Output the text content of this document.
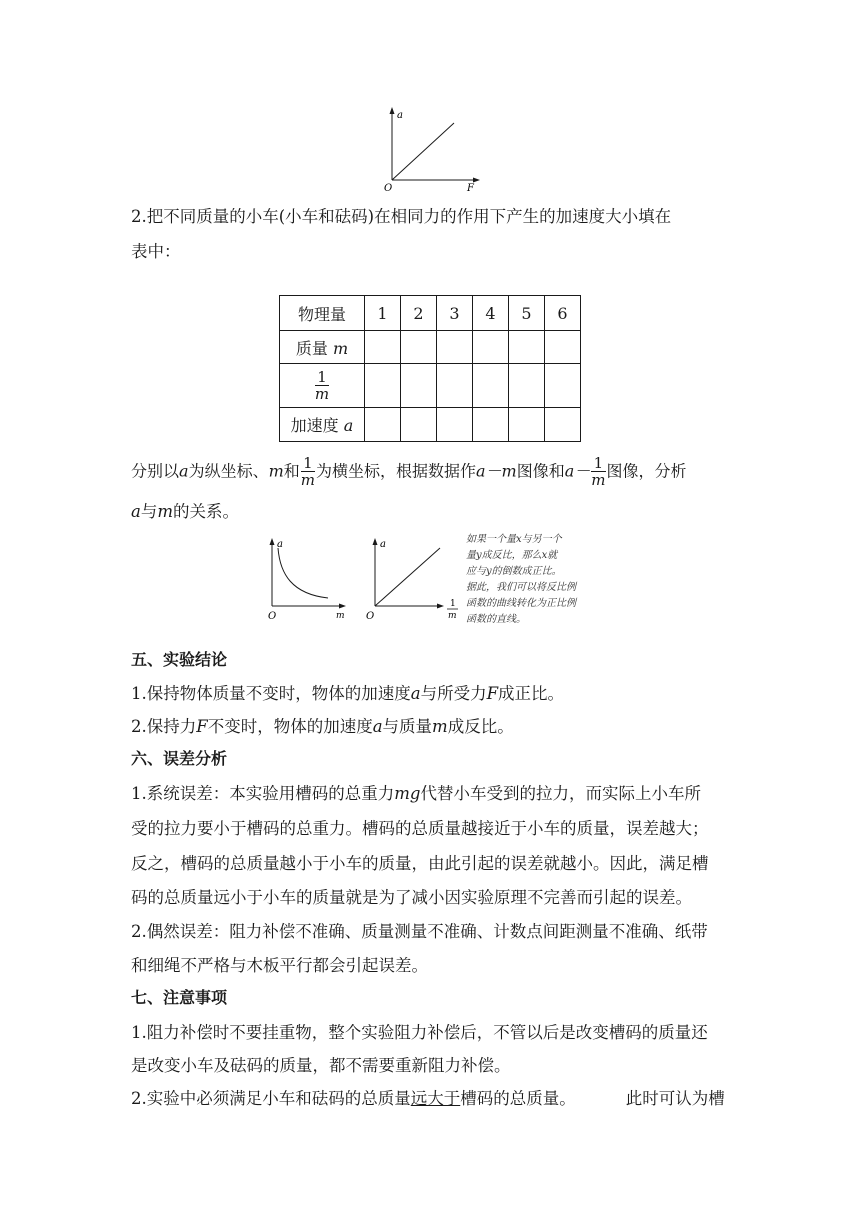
a
O	F
2.把不同质量的小车(小车和砝码)在相同力的作用下产生的加速度大小填在
表中：
物理量	1	2	3	4	5	6
质量 m						

$\frac{1}{m}$

加速度 a						
分别以a为纵坐标、m和 $\frac{1}{m}$ 为横坐标，根据数据作a－m图像和$a- \frac{1}{m}$ 图像，分析
a与m的关系。
a
O	m
a
O
1
m
如果一个量x与另一个
量y成反比，那么x就
应与y的倒数成正比。
据此，我们可以将反比例
函数的曲线转化为正比例
函数的直线。
五、实验结论
1.保持物体质量不变时，物体的加速度a与所受力F成正比。
2.保持力F不变时，物体的加速度a与质量m成反比。
六、误差分析
1.系统误差：本实验用槽码的总重力mg代替小车受到的拉力，而实际上小车所
受的拉力要小于槽码的总重力。槽码的总质量越接近于小车的质量，误差越大；
反之，槽码的总质量越小于小车的质量，由此引起的误差就越小。因此，满足槽
码的总质量远小于小车的质量就是为了减小因实验原理不完善而引起的误差。
2.偶然误差：阻力补偿不准确、质量测量不准确、计数点间距测量不准确、纸带
和细绳不严格与木板平行都会引起误差。
七、注意事项
1.阻力补偿时不要挂重物，整个实验阻力补偿后，不管以后是改变槽码的质量还
是改变小车及砝码的质量，都不需要重新阻力补偿。
2.实验中必须满足小车和砝码的总质量远大于槽码的总质量。	此时可认为槽
